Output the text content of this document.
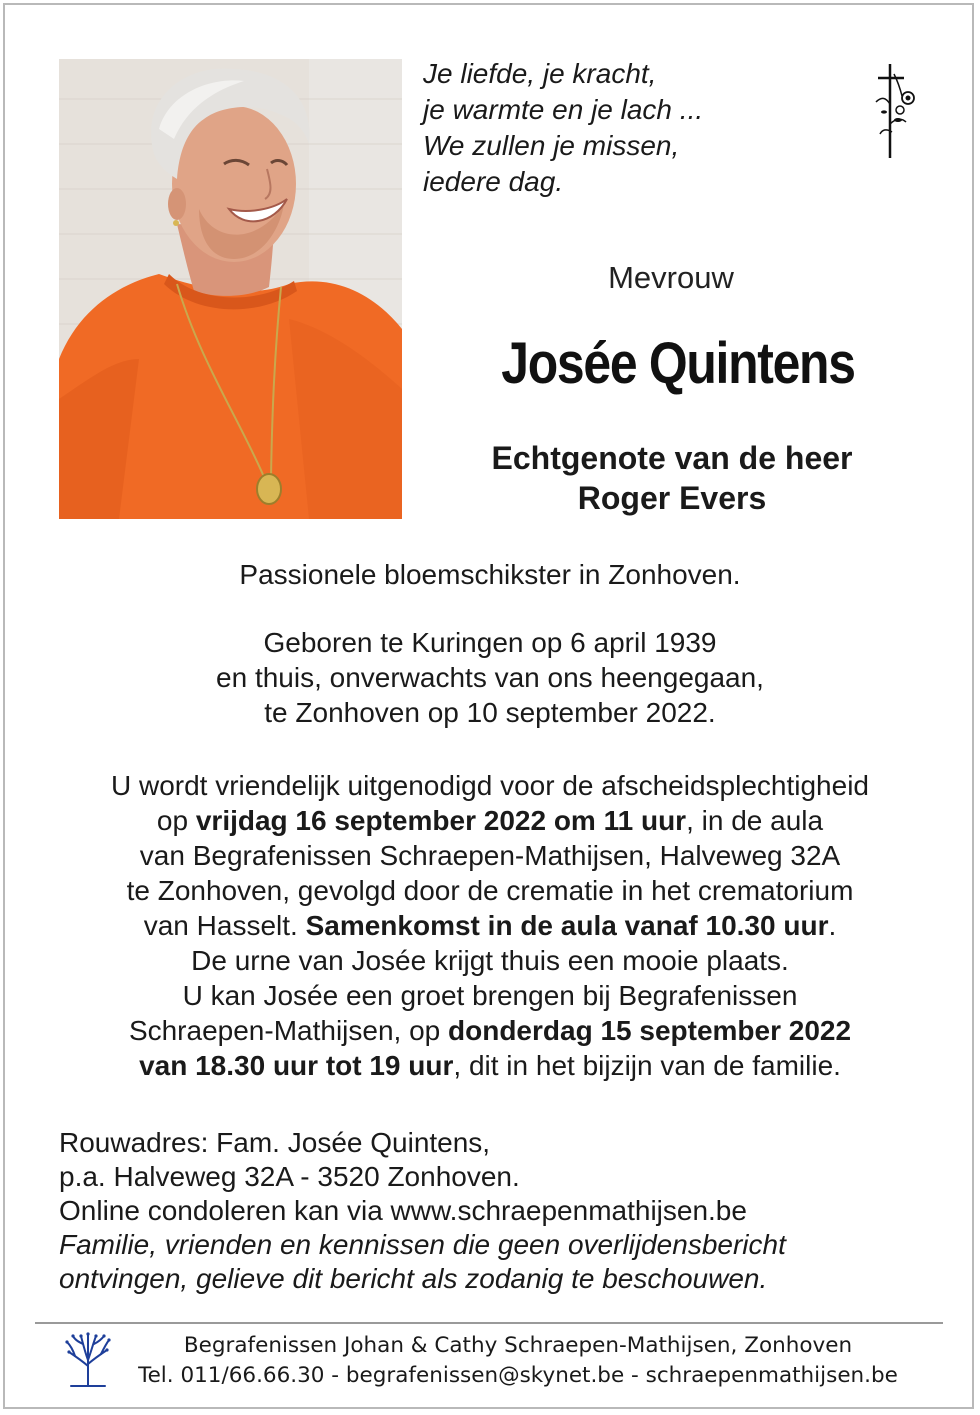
Je liefde, je kracht,
je warmte en je lach ...
We zullen je missen,
iedere dag.
Mevrouw
Josée Quintens
Echtgenote van de heer
Roger Evers
Passionele bloemschikster in Zonhoven.
Geboren te Kuringen op 6 april 1939
en thuis, onverwachts van ons heengegaan,
te Zonhoven op 10 september 2022.
U wordt vriendelijk uitgenodigd voor de afscheidsplechtigheid
op vrijdag 16 september 2022 om 11 uur, in de aula
van Begrafenissen Schraepen-Mathijsen, Halveweg 32A
te Zonhoven, gevolgd door de crematie in het crematorium
van Hasselt. Samenkomst in de aula vanaf 10.30 uur.
De urne van Josée krijgt thuis een mooie plaats.
U kan Josée een groet brengen bij Begrafenissen
Schraepen-Mathijsen, op donderdag 15 september 2022
van 18.30 uur tot 19 uur, dit in het bijzijn van de familie.
Rouwadres: Fam. Josée Quintens,
p.a. Halveweg 32A - 3520 Zonhoven.
Online condoleren kan via www.schraepenmathijsen.be
Familie, vrienden en kennissen die geen overlijdensbericht
ontvingen, gelieve dit bericht als zodanig te beschouwen.
Begrafenissen Johan & Cathy Schraepen-Mathijsen, Zonhoven
Tel. 011/66.66.30 - begrafenissen@skynet.be - schraepenmathijsen.be
